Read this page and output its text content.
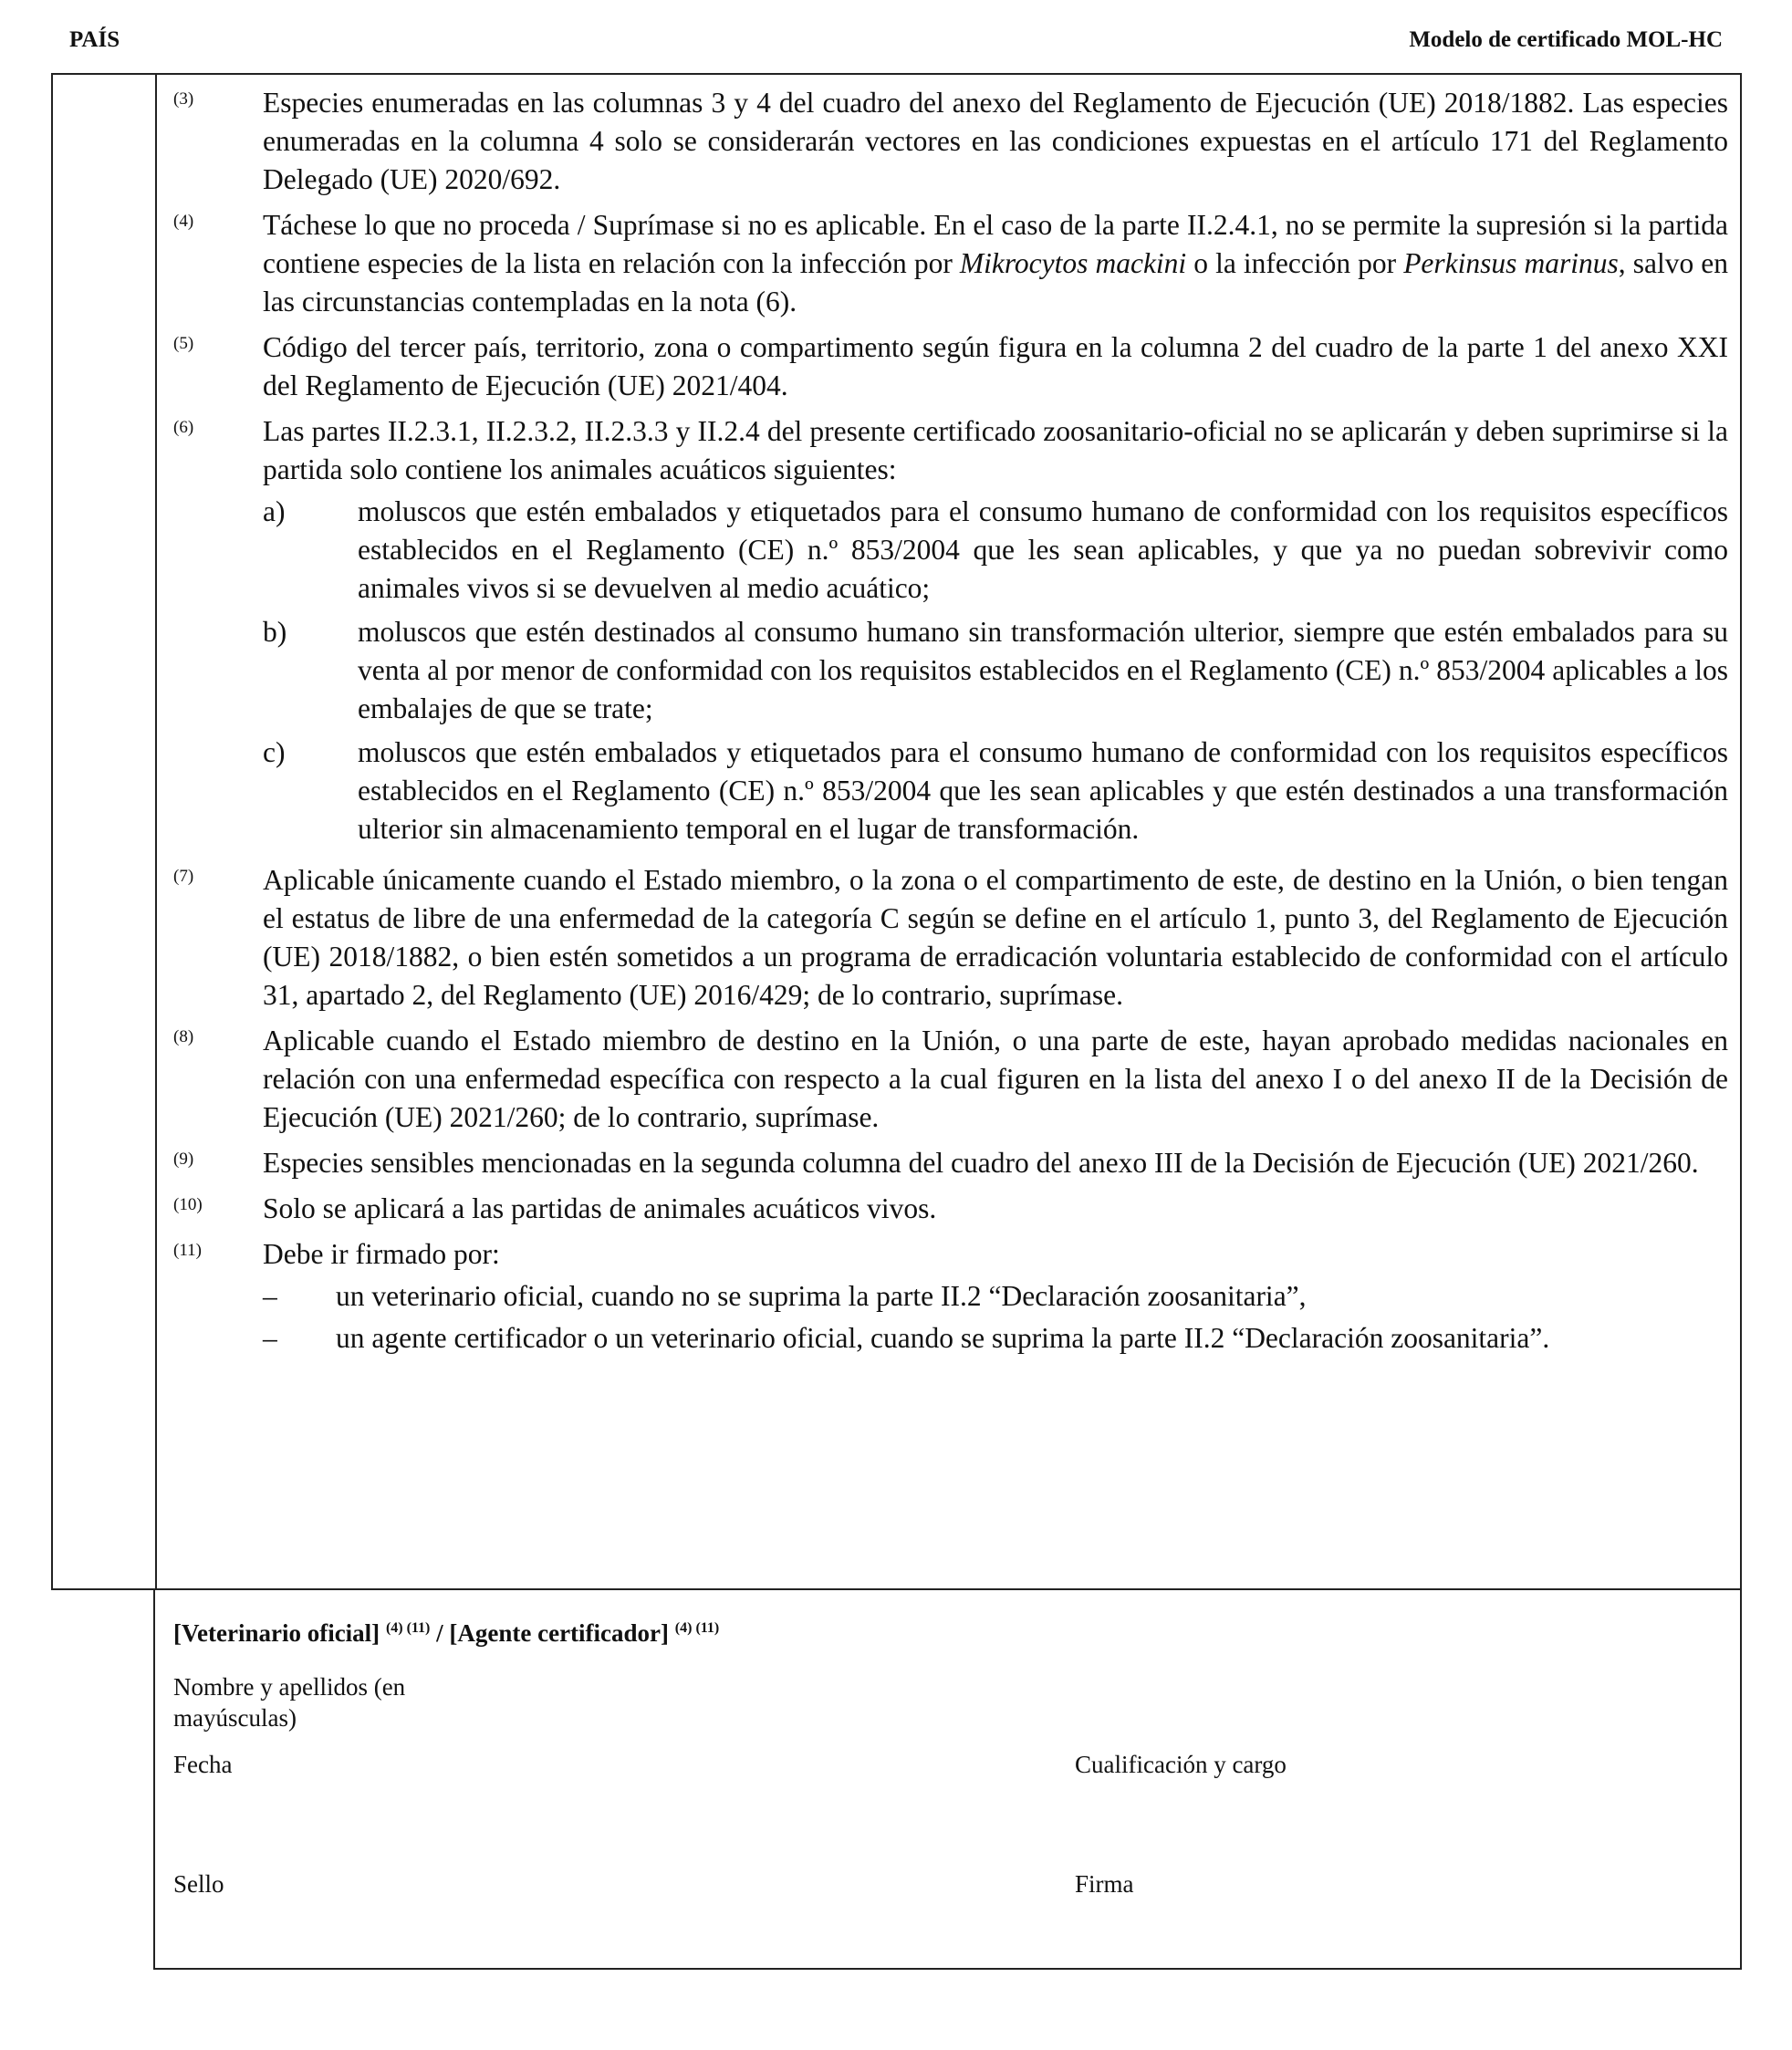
PAÍS	Modelo de certificado MOL-HC
(3)	Especies enumeradas en las columnas 3 y 4 del cuadro del anexo del Reglamento de Ejecución (UE) 2018/1882. Las especies enumeradas en la columna 4 solo se considerarán vectores en las condiciones expuestas en el artículo 171 del Reglamento Delegado (UE) 2020/692.
(4)	Táchese lo que no proceda / Suprímase si no es aplicable. En el caso de la parte II.2.4.1, no se permite la supresión si la partida contiene especies de la lista en relación con la infección por Mikrocytos mackini o la infección por Perkinsus marinus, salvo en las circunstancias contempladas en la nota (6).
(5)	Código del tercer país, territorio, zona o compartimento según figura en la columna 2 del cuadro de la parte 1 del anexo XXI del Reglamento de Ejecución (UE) 2021/404.
(6)	Las partes II.2.3.1, II.2.3.2, II.2.3.3 y II.2.4 del presente certificado zoosanitario-oficial no se aplicarán y deben suprimirse si la partida solo contiene los animales acuáticos siguientes:
a)	moluscos que estén embalados y etiquetados para el consumo humano de conformidad con los requisitos específicos establecidos en el Reglamento (CE) n.º 853/2004 que les sean aplicables, y que ya no puedan sobrevivir como animales vivos si se devuelven al medio acuático;
b)	moluscos que estén destinados al consumo humano sin transformación ulterior, siempre que estén embalados para su venta al por menor de conformidad con los requisitos establecidos en el Reglamento (CE) n.º 853/2004 aplicables a los embalajes de que se trate;
c)	moluscos que estén embalados y etiquetados para el consumo humano de conformidad con los requisitos específicos establecidos en el Reglamento (CE) n.º 853/2004 que les sean aplicables y que estén destinados a una transformación ulterior sin almacenamiento temporal en el lugar de transformación.
(7)	Aplicable únicamente cuando el Estado miembro, o la zona o el compartimento de este, de destino en la Unión, o bien tengan el estatus de libre de una enfermedad de la categoría C según se define en el artículo 1, punto 3, del Reglamento de Ejecución (UE) 2018/1882, o bien estén sometidos a un programa de erradicación voluntaria establecido de conformidad con el artículo 31, apartado 2, del Reglamento (UE) 2016/429; de lo contrario, suprímase.
(8)	Aplicable cuando el Estado miembro de destino en la Unión, o una parte de este, hayan aprobado medidas nacionales en relación con una enfermedad específica con respecto a la cual figuren en la lista del anexo I o del anexo II de la Decisión de Ejecución (UE) 2021/260; de lo contrario, suprímase.
(9)	Especies sensibles mencionadas en la segunda columna del cuadro del anexo III de la Decisión de Ejecución (UE) 2021/260.
(10)	Solo se aplicará a las partidas de animales acuáticos vivos.
(11)	Debe ir firmado por:
–	un veterinario oficial, cuando no se suprima la parte II.2 “Declaración zoosanitaria”,
–	un agente certificador o un veterinario oficial, cuando se suprima la parte II.2 “Declaración zoosanitaria”.
[Veterinario oficial] $^{(4) (11)}$ / [Agente certificador] $^{(4) (11)}$
Nombre y apellidos (en mayúsculas)
Fecha	Cualificación y cargo
Sello	Firma
